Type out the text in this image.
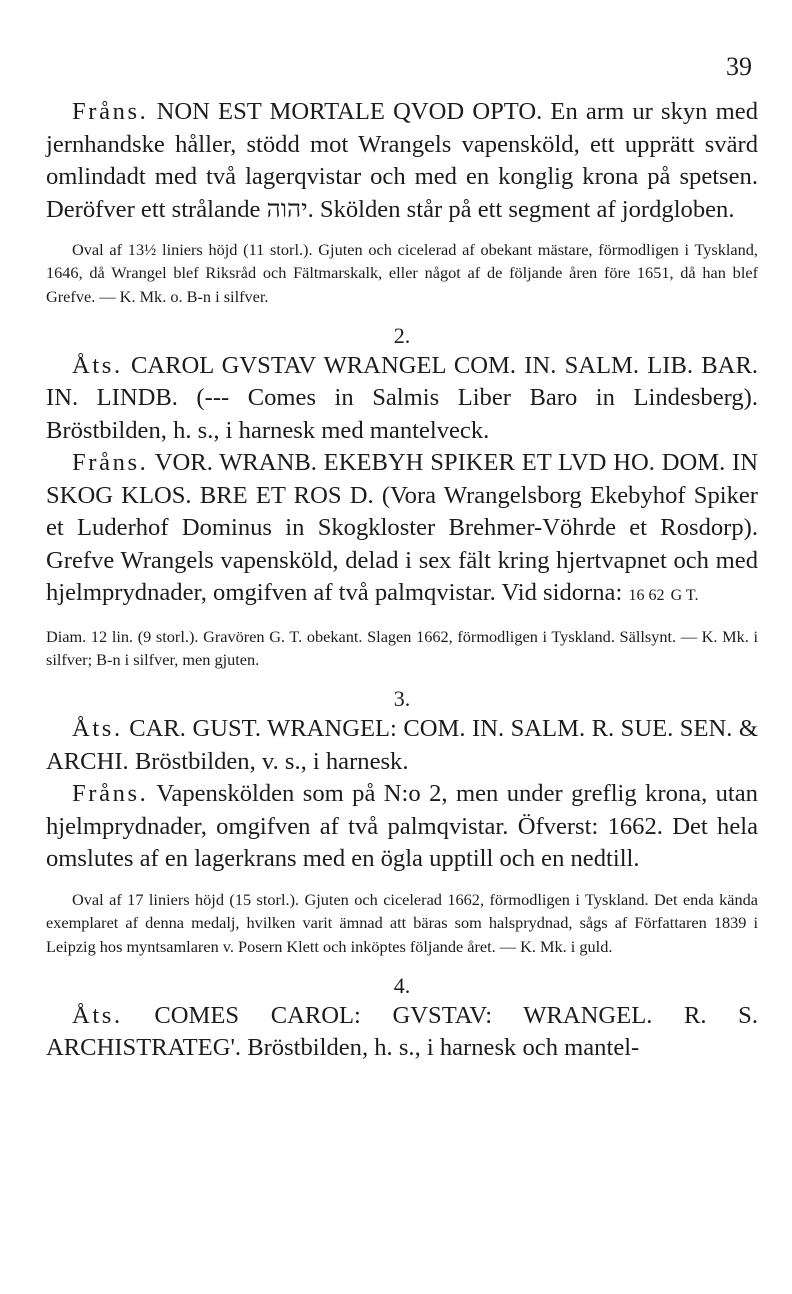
39

Fråns. NON EST MORTALE QVOD OPTO. En arm ur skyn med jernhandske håller, stödd mot Wrangels vapensköld, ett upprätt svärd omlindadt med två lagerqvistar och med en konglig krona på spetsen. Deröfver ett strålande יהוה. Skölden står på ett segment af jordgloben.

Oval af 13½ liniers höjd (11 storl.). Gjuten och cicelerad af obekant mästare, förmodligen i Tyskland, 1646, då Wrangel blef Riksråd och Fältmarskalk, eller något af de följande åren före 1651, då han blef Grefve. — K. Mk. o. B-n i silfver.

2.

Åts. CAROL GVSTAV WRANGEL COM. IN. SALM. LIB. BAR. IN. LINDB. (--- Comes in Salmis Liber Baro in Lindesberg). Bröstbilden, h. s., i harnesk med mantelveck.

Fråns. VOR. WRANB. EKEBYH SPIKER ET LVD HO. DOM. IN SKOG KLOS. BRE ET ROS D. (Vora Wrangelsborg Ekebyhof Spiker et Luderhof Dominus in Skogkloster Brehmer-Vöhrde et Rosdorp). Grefve Wrangels vapensköld, delad i sex fält kring hjertvapnet och med hjelmprydnader, omgifven af två palmqvistar. Vid sidorna: 16 62 G T.

Diam. 12 lin. (9 storl.). Gravören G. T. obekant. Slagen 1662, förmodligen i Tyskland. Sällsynt. — K. Mk. i silfver; B-n i silfver, men gjuten.

3.

Åts. CAR. GUST. WRANGEL: COM. IN. SALM. R. SUE. SEN. & ARCHI. Bröstbilden, v. s., i harnesk.

Fråns. Vapenskölden som på N:o 2, men under greflig krona, utan hjelmprydnader, omgifven af två palmqvistar. Öfverst: 1662. Det hela omslutes af en lagerkrans med en ögla upptill och en nedtill.

Oval af 17 liniers höjd (15 storl.). Gjuten och cicelerad 1662, förmodligen i Tyskland. Det enda kända exemplaret af denna medalj, hvilken varit ämnad att bäras som halsprydnad, sågs af Författaren 1839 i Leipzig hos myntsamlaren v. Posern Klett och inköptes följande året. — K. Mk. i guld.

4.

Åts. COMES CAROL: GVSTAV: WRANGEL. R. S. ARCHISTRATEG'. Bröstbilden, h. s., i harnesk och mantel-
